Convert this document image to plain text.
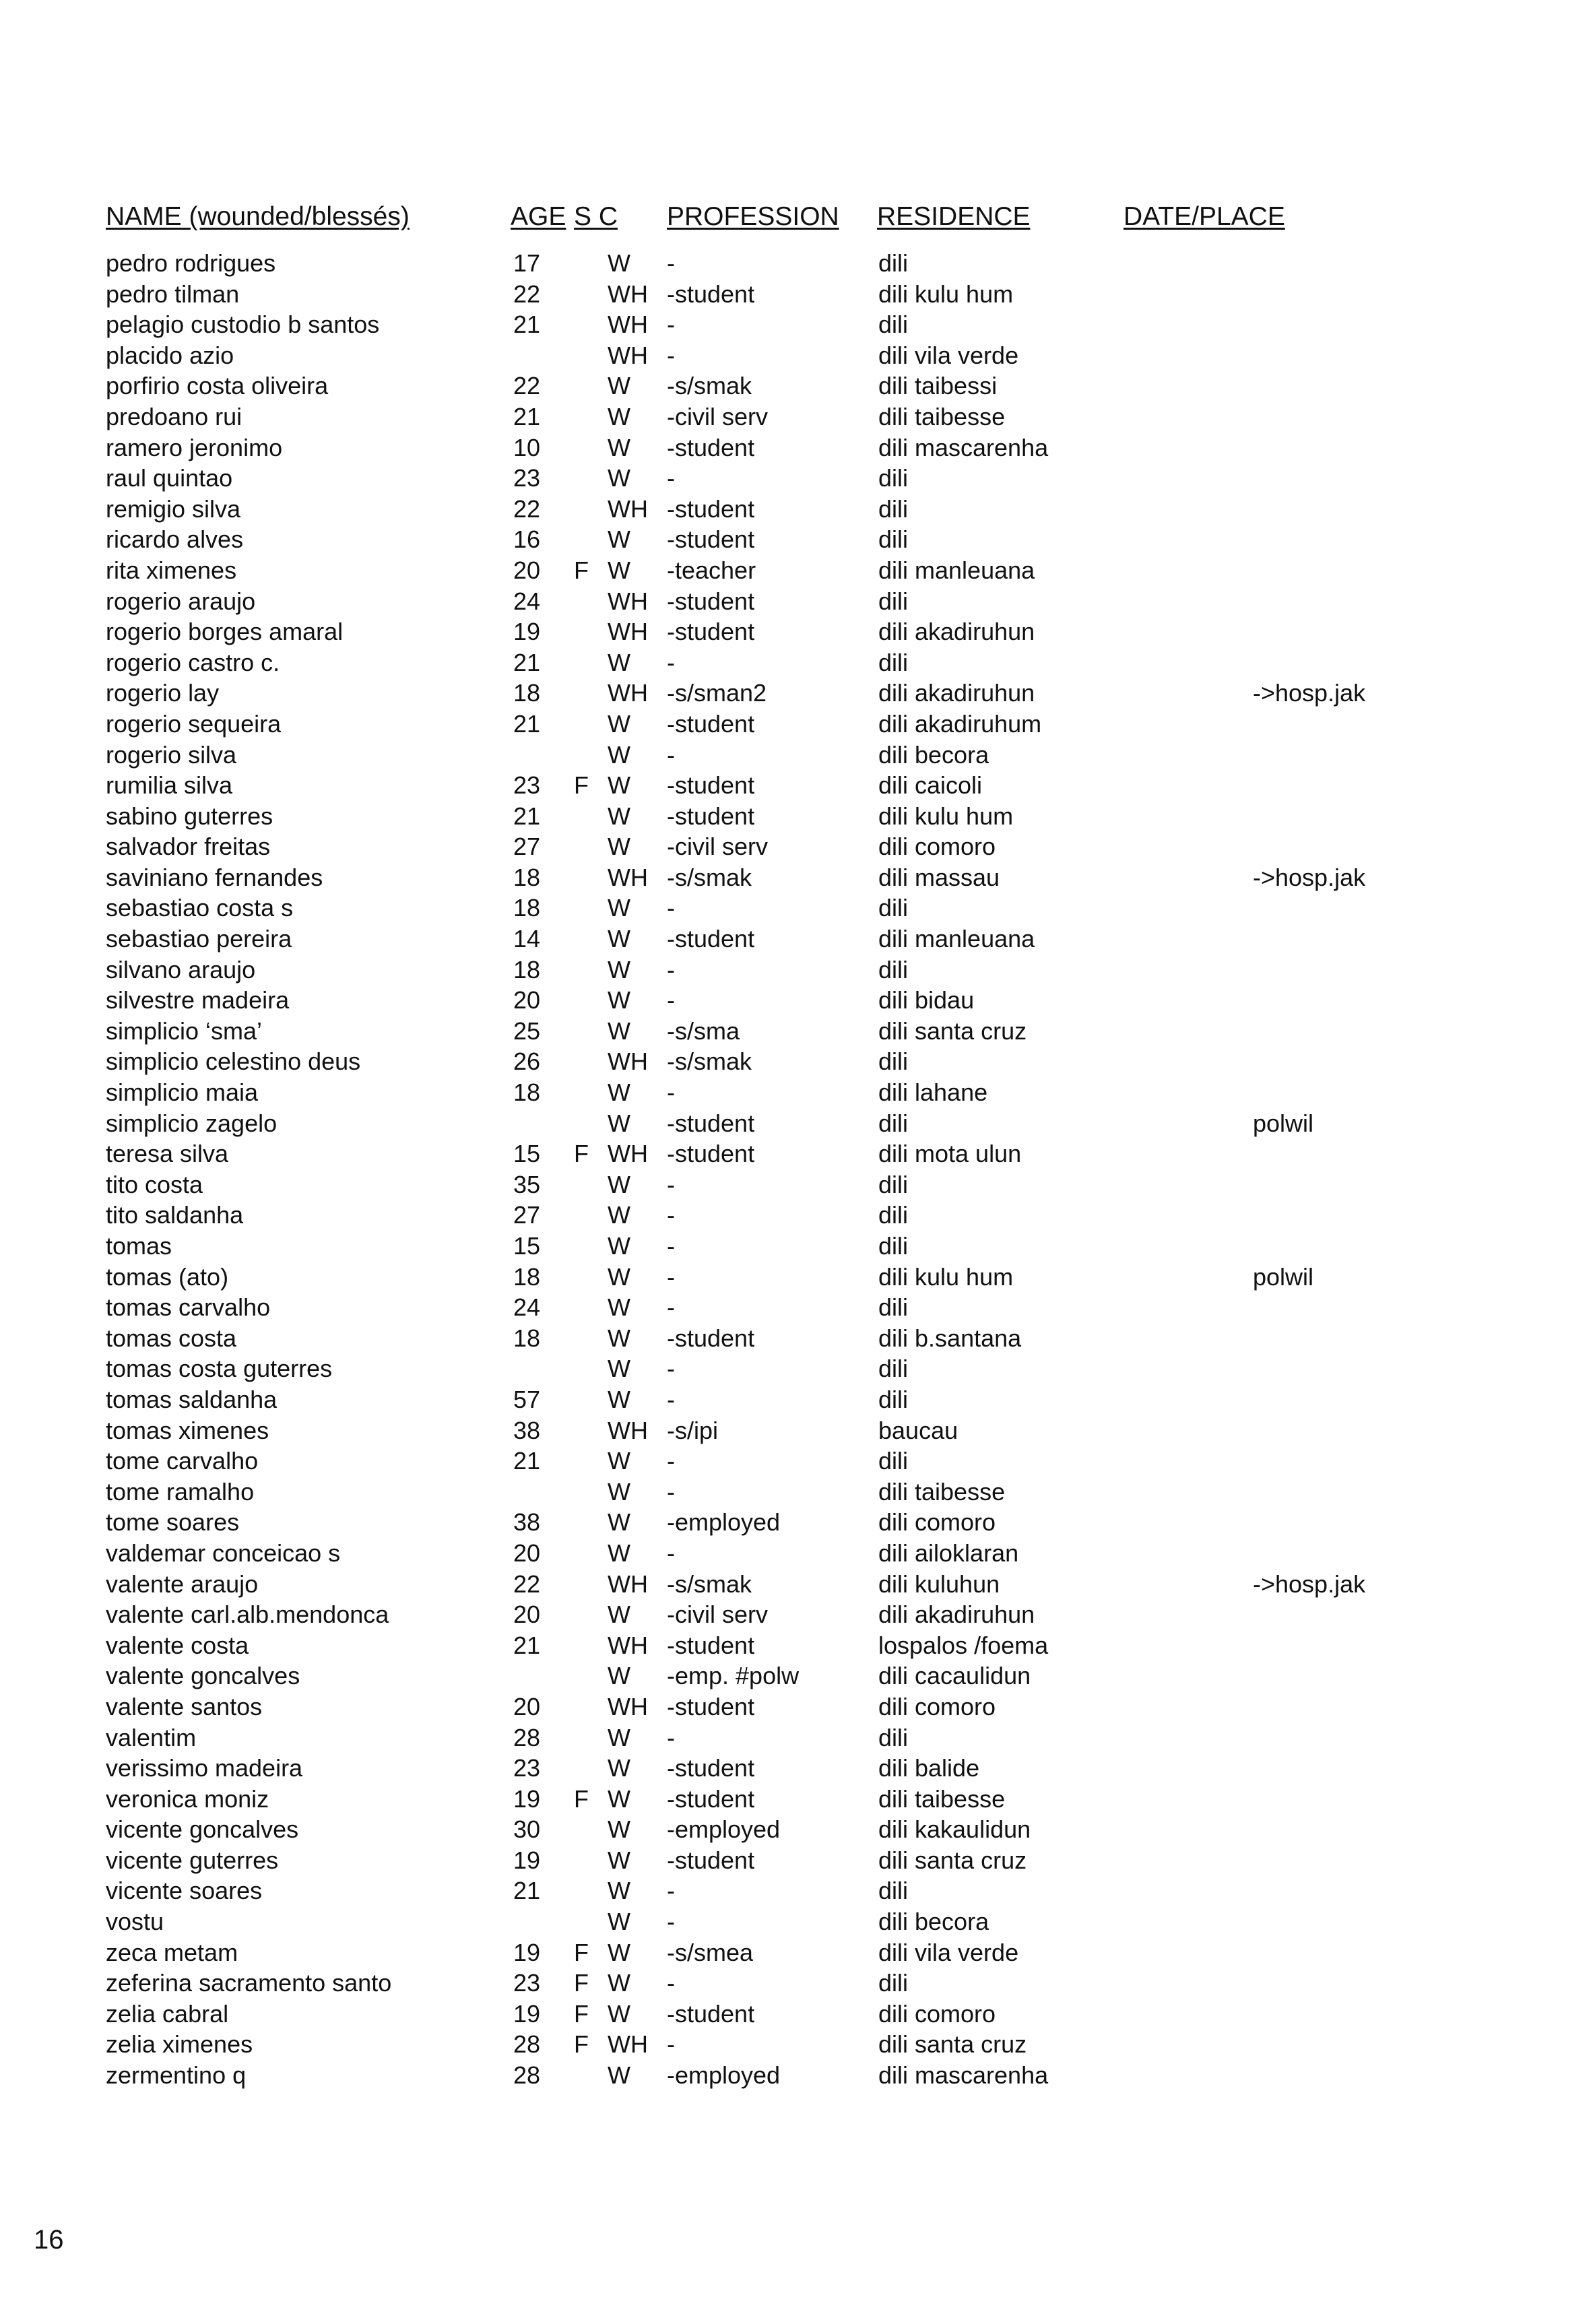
NAME (wounded/blessés)	AGE S C PROFESSION RESIDENCE	DATE/PLACE
pedro rodrigues	17	W -	dili
pedro tilman	22	WH -student	dili kulu hum
pelagio custodio b santos	21	WH -	dili
placido azio	WH -	dili vila verde
porfirio costa oliveira	22	W -s/smak	dili taibessi
predoano rui	21	W -civil serv	dili taibesse
ramero jeronimo	10	W -student	dili mascarenha
raul quintao	23	W -	dili
remigio silva	22	WH -student	dili
ricardo alves	16	W -student	dili
rita ximenes	20 F W -teacher	dili manleuana
rogerio araujo	24	WH -student	dili
rogerio borges amaral	19	WH -student	dili akadiruhun
rogerio castro c.	21	W -	dili
rogerio lay	18	WH -s/sman2	dili akadiruhun	->hosp.jak
rogerio sequeira	21	W -student	dili akadiruhum
rogerio silva	W -	dili becora
rumilia silva	23 F W -student	dili caicoli
sabino guterres	21	W -student	dili kulu hum
salvador freitas	27	W -civil serv	dili comoro
saviniano fernandes	18	WH -s/smak	dili massau	->hosp.jak
sebastiao costa s	18	W -	dili
sebastiao pereira	14	W -student	dili manleuana
silvano araujo	18	W -	dili
silvestre madeira	20	W -	dili bidau
simplicio ‘sma’	25	W -s/sma	dili santa cruz
simplicio celestino deus	26	WH -s/smak	dili
simplicio maia	18	W -	dili lahane
simplicio zagelo	W -student	dili	polwil
teresa silva	15 F WH -student	dili mota ulun
tito costa	35	W -	dili
tito saldanha	27	W -	dili
tomas	15	W -	dili
tomas (ato)	18	W -	dili kulu hum	polwil
tomas carvalho	24	W -	dili
tomas costa	18	W -student	dili b.santana
tomas costa guterres	W -	dili
tomas saldanha	57	W -	dili
tomas ximenes	38	WH -s/ipi	baucau
tome carvalho	21	W -	dili
tome ramalho	W -	dili taibesse
tome soares	38	W -employed	dili comoro
valdemar conceicao s	20	W -	dili ailoklaran
valente araujo	22	WH -s/smak	dili kuluhun	->hosp.jak
valente carl.alb.mendonca	20	W -civil serv	dili akadiruhun
valente costa	21	WH -student	lospalos /foema
valente goncalves	W -emp. #polw	dili cacaulidun
valente santos	20	WH -student	dili comoro
valentim	28	W -	dili
verissimo madeira	23	W -student	dili balide
veronica moniz	19 F W -student	dili taibesse
vicente goncalves	30	W -employed	dili kakaulidun
vicente guterres	19	W -student	dili santa cruz
vicente soares	21	W -	dili
vostu	W -	dili becora
zeca metam	19 F W -s/smea	dili vila verde
zeferina sacramento santo	23 F W -	dili
zelia cabral	19 F W -student	dili comoro
zelia ximenes	28 F WH -	dili santa cruz
zermentino q	28	W -employed	dili mascarenha
16
